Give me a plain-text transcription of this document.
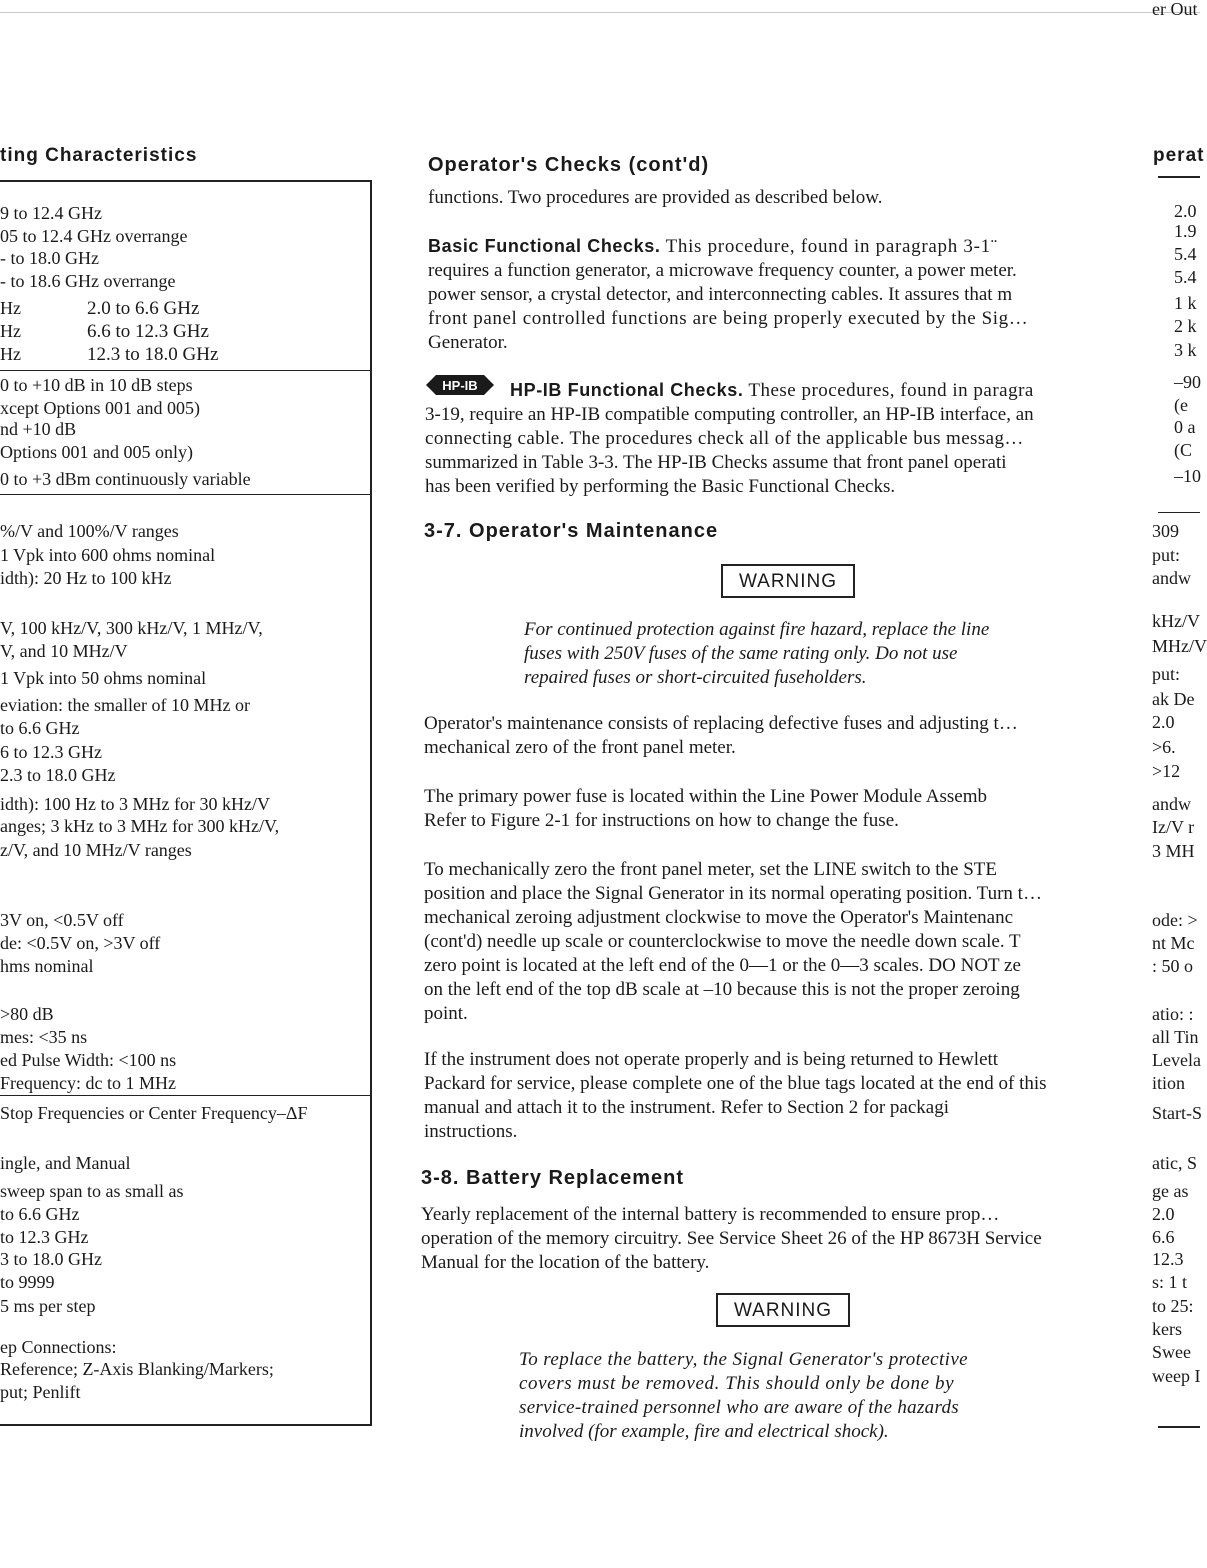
ting Characteristics
9 to 12.4 GHz
05 to 12.4 GHz overrange
- to 18.0 GHz
- to 18.6 GHz overrange
Hz
Hz
Hz
0 to +10 dB in 10 dB steps
xcept Options 001 and 005)
nd +10 dB
Options 001 and 005 only)
0 to +3 dBm continuously variable
%/V and 100%/V ranges
1 Vpk into 600 ohms nominal
idth): 20 Hz to 100 kHz
V, 100 kHz/V, 300 kHz/V, 1 MHz/V,
V, and 10 MHz/V
1 Vpk into 50 ohms nominal
eviation: the smaller of 10 MHz or
to 6.6 GHz
6 to 12.3 GHz
2.3 to 18.0 GHz
idth): 100 Hz to 3 MHz for 30 kHz/V
anges; 3 kHz to 3 MHz for 300 kHz/V,
z/V, and 10 MHz/V ranges
3V on, <0.5V off
de: <0.5V on, >3V off
hms nominal
>80 dB
mes: <35 ns
ed Pulse Width: <100 ns
Frequency: dc to 1 MHz
Stop Frequencies or Center Frequency–ΔF
ingle, and Manual
sweep span to as small as
to 6.6 GHz
to 12.3 GHz
3 to 18.0 GHz
to 9999
5 ms per step
ep Connections:
Reference; Z-Axis Blanking/Markers;
put; Penlift
2.0 to 6.6 GHz
6.6 to 12.3 GHz
12.3 to 18.0 GHz
Operator's Checks (cont'd)
functions. Two procedures are provided as described below.
Basic Functional Checks. This procedure, found in paragraph 3-1¨
requires a function generator, a microwave frequency counter, a power meter.
power sensor, a crystal detector, and interconnecting cables. It assures that m
front panel controlled functions are being properly executed by the Sig…
Generator.
HP-IB HP-IB Functional Checks. These procedures, found in paragra
3-19, require an HP-IB compatible computing controller, an HP-IB interface, an
connecting cable. The procedures check all of the applicable bus messag…
summarized in Table 3-3. The HP-IB Checks assume that front panel operati
has been verified by performing the Basic Functional Checks.
3-7. Operator's Maintenance
WARNING
For continued protection against fire hazard, replace the line
fuses with 250V fuses of the same rating only. Do not use
repaired fuses or short-circuited fuseholders.
Operator's maintenance consists of replacing defective fuses and adjusting t…
mechanical zero of the front panel meter.
The primary power fuse is located within the Line Power Module Assemb
Refer to Figure 2-1 for instructions on how to change the fuse.
To mechanically zero the front panel meter, set the LINE switch to the STE
position and place the Signal Generator in its normal operating position. Turn t…
mechanical zeroing adjustment clockwise to move the Operator's Maintenanc
(cont'd) needle up scale or counterclockwise to move the needle down scale. T
zero point is located at the left end of the 0—1 or the 0—3 scales. DO NOT ze
on the left end of the top dB scale at –10 because this is not the proper zeroing
point.
If the instrument does not operate properly and is being returned to Hewlett
Packard for service, please complete one of the blue tags located at the end of this
manual and attach it to the instrument. Refer to Section 2 for packagi
instructions.
3-8. Battery Replacement
Yearly replacement of the internal battery is recommended to ensure prop…
operation of the memory circuitry. See Service Sheet 26 of the HP 8673H Service
Manual for the location of the battery.
WARNING
To replace the battery, the Signal Generator's protective
covers must be removed. This should only be done by
service-trained personnel who are aware of the hazards
involved (for example, fire and electrical shock).
perat
2.0
1.9
5.4
5.4
1 k
2 k
3 k
–90
(e
0 a
(C
–10
309
put:
andw
kHz/V
MHz/V
put:
ak De
2.0
>6.
>12
andw
Iz/V r
3 MH
ode: >
nt Mc
: 50 o
atio: :
all Tin
Levela
ition
Start-S
atic, S
ge as
2.0
6.6
12.3
s: 1 t
to 25:
kers
Swee
weep I
er Out
